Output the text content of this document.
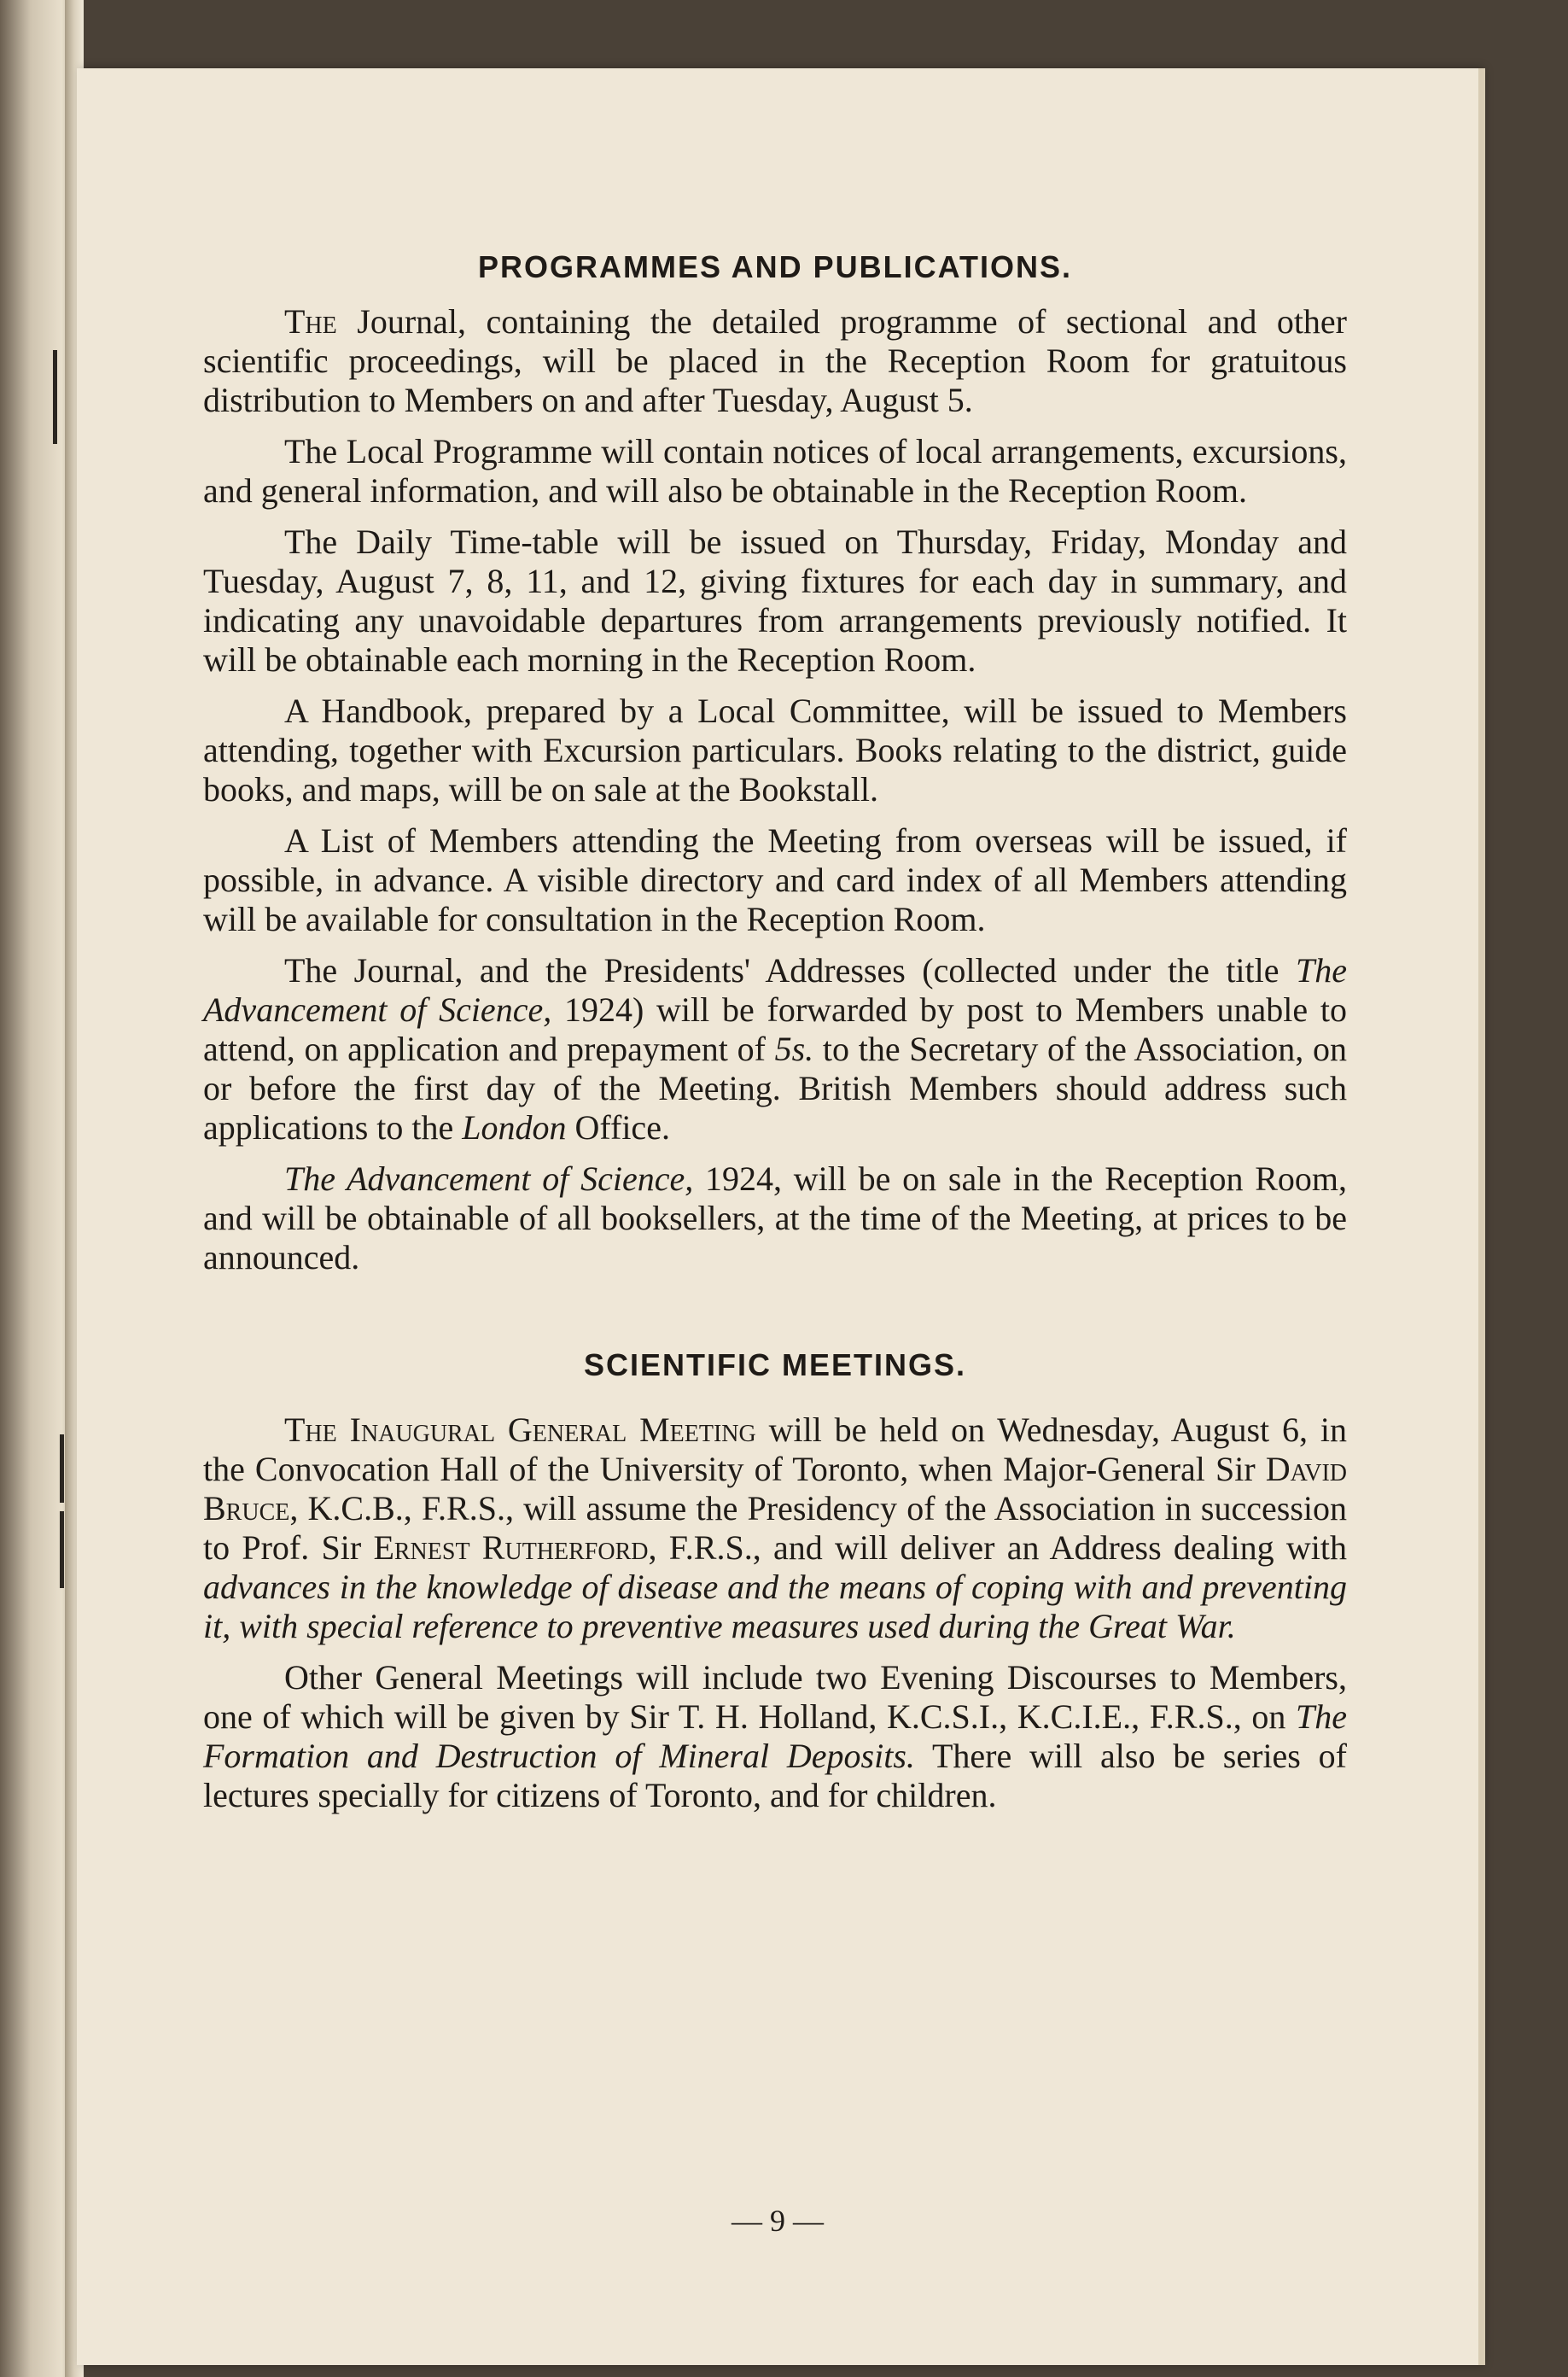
PROGRAMMES AND PUBLICATIONS.

The Journal, containing the detailed programme of sectional and other scientific proceedings, will be placed in the Reception Room for gratuitous distribution to Members on and after Tuesday, August 5.

The Local Programme will contain notices of local arrangements, excursions, and general information, and will also be obtainable in the Reception Room.

The Daily Time-table will be issued on Thursday, Friday, Monday and Tuesday, August 7, 8, 11, and 12, giving fixtures for each day in summary, and indicating any unavoidable departures from arrangements previously notified. It will be obtainable each morning in the Reception Room.

A Handbook, prepared by a Local Committee, will be issued to Members attending, together with Excursion particulars. Books relating to the district, guide books, and maps, will be on sale at the Bookstall.

A List of Members attending the Meeting from overseas will be issued, if possible, in advance. A visible directory and card index of all Members attending will be available for consultation in the Reception Room.

The Journal, and the Presidents' Addresses (collected under the title The Advancement of Science, 1924) will be forwarded by post to Members unable to attend, on application and prepayment of 5s. to the Secretary of the Association, on or before the first day of the Meeting. British Members should address such applications to the London Office.

The Advancement of Science, 1924, will be on sale in the Reception Room, and will be obtainable of all booksellers, at the time of the Meeting, at prices to be announced.

SCIENTIFIC MEETINGS.

The Inaugural General Meeting will be held on Wednesday, August 6, in the Convocation Hall of the University of Toronto, when Major-General Sir David Bruce, K.C.B., F.R.S., will assume the Presidency of the Association in succession to Prof. Sir Ernest Rutherford, F.R.S., and will deliver an Address dealing with advances in the knowledge of disease and the means of coping with and preventing it, with special reference to preventive measures used during the Great War.

Other General Meetings will include two Evening Discourses to Members, one of which will be given by Sir T. H. Holland, K.C.S.I., K.C.I.E., F.R.S., on The Formation and Destruction of Mineral Deposits. There will also be series of lectures specially for citizens of Toronto, and for children.

— 9 —
